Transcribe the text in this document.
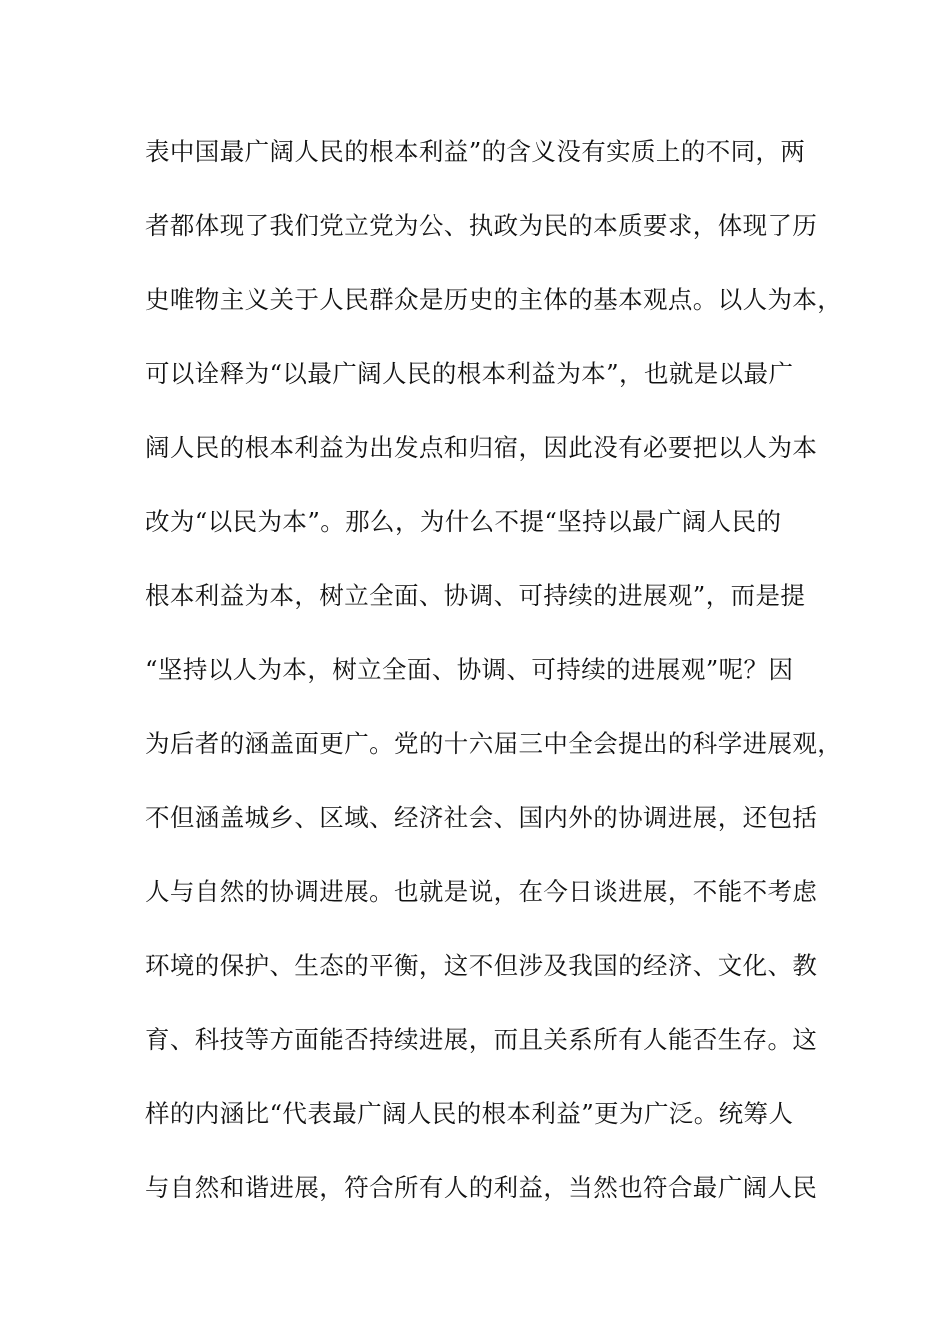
表中国最广阔人民的根本利益”的含义没有实质上的不同，两
者都体现了我们党立党为公、执政为民的本质要求，体现了历
史唯物主义关于人民群众是历史的主体的基本观点。以人为本，
可以诠释为“以最广阔人民的根本利益为本”，也就是以最广
阔人民的根本利益为出发点和归宿，因此没有必要把以人为本
改为“以民为本”。那么，为什么不提“坚持以最广阔人民的
根本利益为本，树立全面、协调、可持续的进展观”，而是提
“坚持以人为本，树立全面、协调、可持续的进展观”呢？因
为后者的涵盖面更广。党的十六届三中全会提出的科学进展观，
不但涵盖城乡、区域、经济社会、国内外的协调进展，还包括
人与自然的协调进展。也就是说，在今日谈进展，不能不考虑
环境的保护、生态的平衡，这不但涉及我国的经济、文化、教
育、科技等方面能否持续进展，而且关系所有人能否生存。这
样的内涵比“代表最广阔人民的根本利益”更为广泛。统筹人
与自然和谐进展，符合所有人的利益，当然也符合最广阔人民
